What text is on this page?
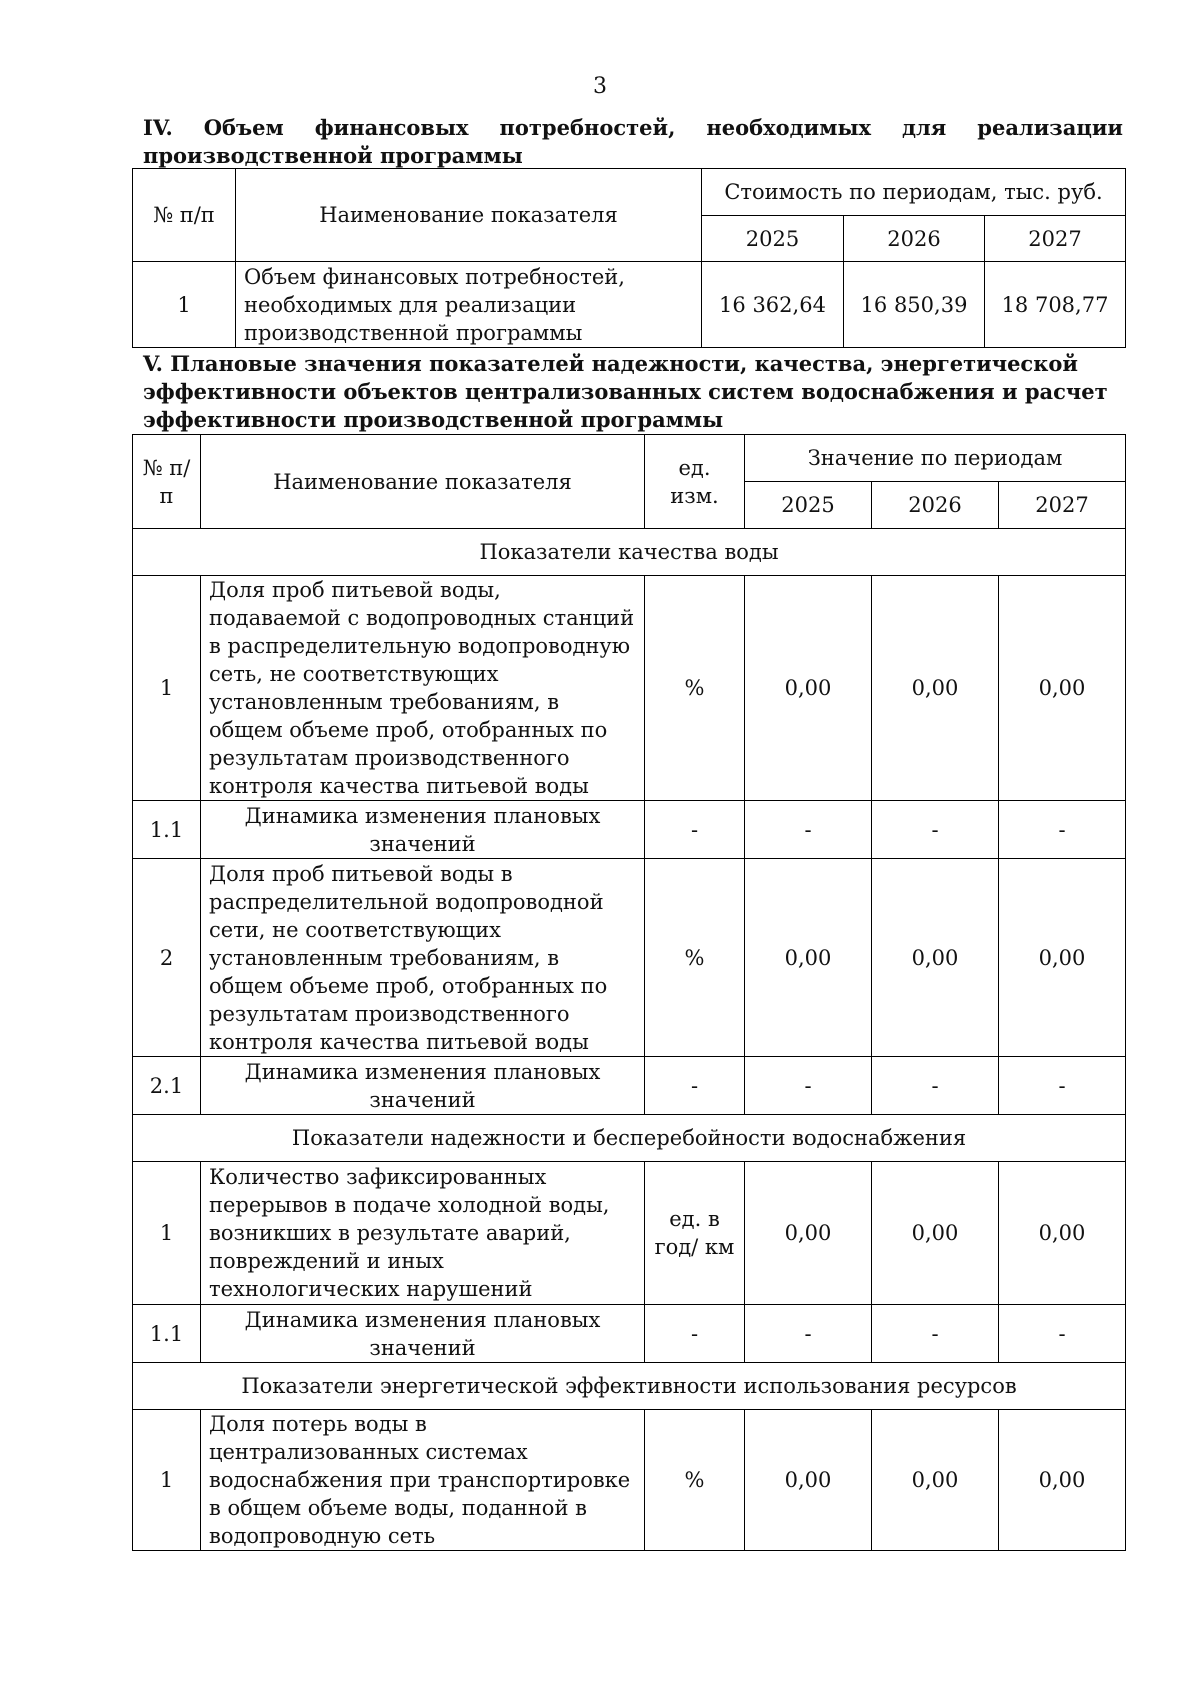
3
IV. Объем финансовых потребностей, необходимых для реализации производственной программы
№ п/п	Наименование показателя	Стоимость по периодам, тыс. руб.		
		2025	2026	2027
1	Объем финансовых потребностей, необходимых для реализации производственной программы	16 362,64	16 850,39	18 708,77
V. Плановые значения показателей надежности, качества, энергетической эффективности объектов централизованных систем водоснабжения и расчет эффективности производственной программы
№ п/п	Наименование показателя	ед. изм.	Значение по периодам		
			2025	2026	2027
Показатели качества воды					
1	Доля проб питьевой воды, подаваемой с водопроводных станций в распределительную водопроводную сеть, не соответствующих установленным требованиям, в общем объеме проб, отобранных по результатам производственного контроля качества питьевой воды	%	0,00	0,00	0,00
1.1	Динамика изменения плановых значений	-	-	-	-
2	Доля проб питьевой воды в распределительной водопроводной сети, не соответствующих установленным требованиям, в общем объеме проб, отобранных по результатам производственного контроля качества питьевой воды	%	0,00	0,00	0,00
2.1	Динамика изменения плановых значений	-	-	-	-
Показатели надежности и бесперебойности водоснабжения					
1	Количество зафиксированных перерывов в подаче холодной воды, возникших в результате аварий, повреждений и иных технологических нарушений	ед. в год/ км	0,00	0,00	0,00
1.1	Динамика изменения плановых значений	-	-	-	-
Показатели энергетической эффективности использования ресурсов					
1	Доля потерь воды в централизованных системах водоснабжения при транспортировке в общем объеме воды, поданной в водопроводную сеть	%	0,00	0,00	0,00
